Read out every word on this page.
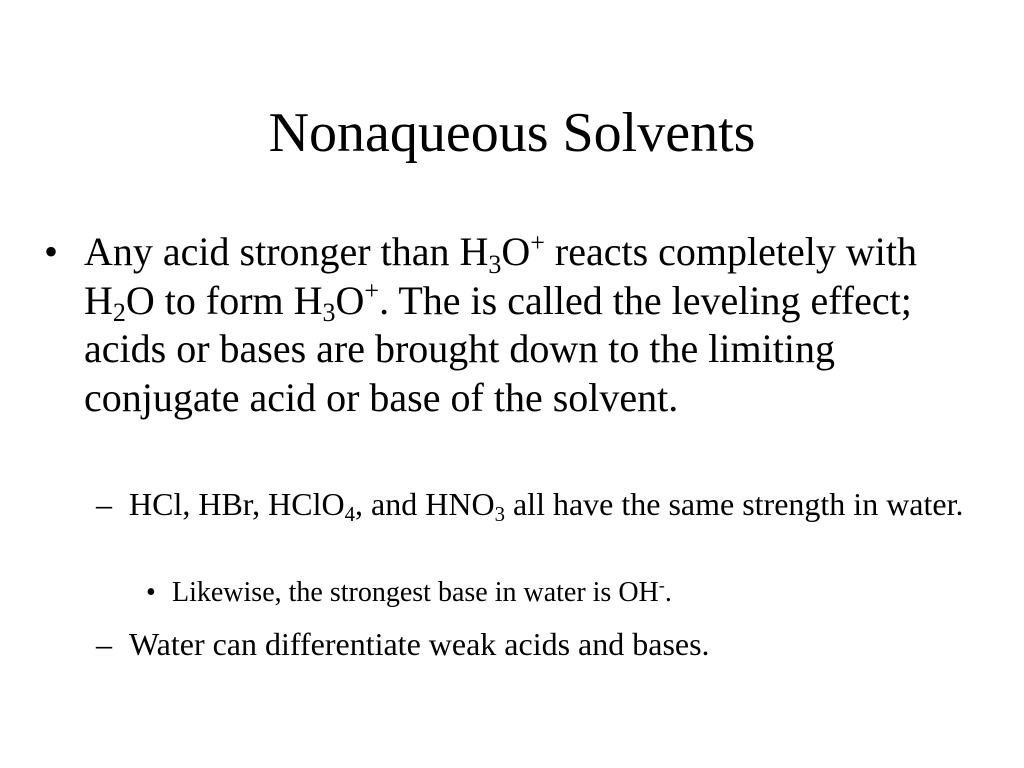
Nonaqueous Solvents
• Any acid stronger than $H_3O^+$ reacts completely with $H_2O$ to form $H_3O^+$. The is called the leveling effect; acids or bases are brought down to the limiting conjugate acid or base of the solvent.
– HCl, HBr, HClO$_4$, and $HNO_3$ all have the same strength in water.
• Likewise, the strongest base in water is OH-.
– Water can differentiate weak acids and bases.
